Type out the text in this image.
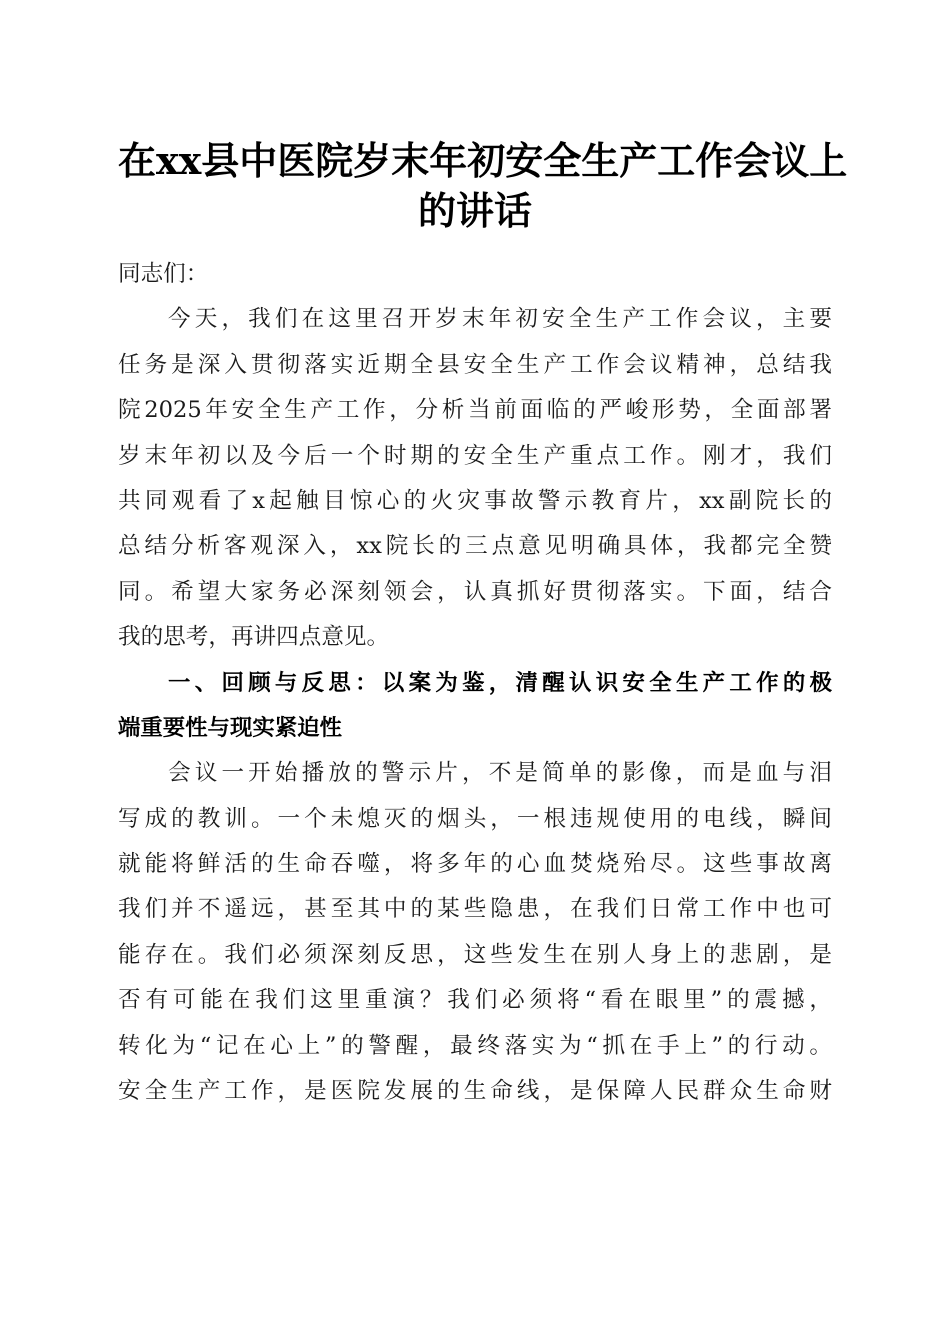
在xx县中医院岁末年初安全生产工作会议上
的讲话
同志们：
今天，我们在这里召开岁末年初安全生产工作会议，主要
任务是深入贯彻落实近期全县安全生产工作会议精神，总结我
院2025年安全生产工作，分析当前面临的严峻形势，全面部署
岁末年初以及今后一个时期的安全生产重点工作。刚才，我们
共同观看了x起触目惊心的火灾事故警示教育片，xx副院长的
总结分析客观深入，xx院长的三点意见明确具体，我都完全赞
同。希望大家务必深刻领会，认真抓好贯彻落实。下面，结合
我的思考，再讲四点意见。
一、回顾与反思：以案为鉴，清醒认识安全生产工作的极
端重要性与现实紧迫性
会议一开始播放的警示片，不是简单的影像，而是血与泪
写成的教训。一个未熄灭的烟头，一根违规使用的电线，瞬间
就能将鲜活的生命吞噬，将多年的心血焚烧殆尽。这些事故离
我们并不遥远，甚至其中的某些隐患，在我们日常工作中也可
能存在。我们必须深刻反思，这些发生在别人身上的悲剧，是
否有可能在我们这里重演？我们必须将“看在眼里”的震撼，
转化为“记在心上”的警醒，最终落实为“抓在手上”的行动。
安全生产工作，是医院发展的生命线，是保障人民群众生命财
